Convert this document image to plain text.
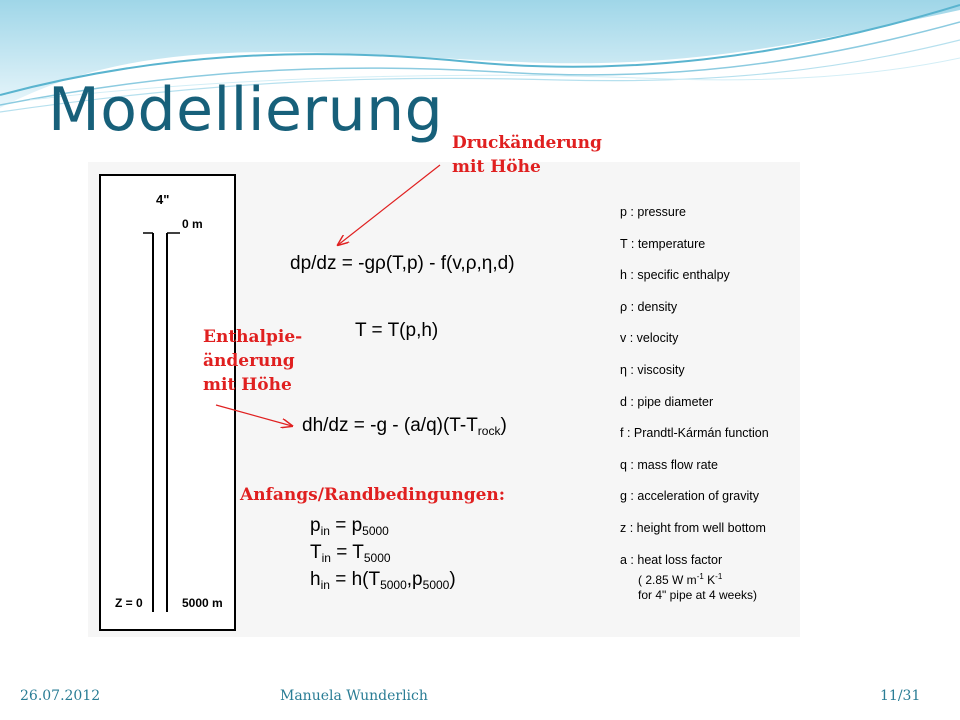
Modellierung
4"
0 m
Z = 0	5000 m
Druckänderung
mit Höhe
Enthalpie-
änderung
mit Höhe
Anfangs/Randbedingungen:
dp/dz = -gρ(T,p) - f(v,ρ,η,d)
T = T(p,h)
$dh/dz = -g - (a/q)(T-T_{rock})$
$p_{in} = p_{5000}$
$T_{in} = T_{5000}$
$h_{in} = h(T_{5000},p_{5000})$
p : pressure
T : temperature
h : specific enthalpy
ρ : density
v : velocity
η : viscosity
d : pipe diameter
f : Prandtl-Kármán function
q : mass flow rate
g : acceleration of gravity
z : height from well bottom
a : heat loss factor
( 2.85 W $m^{-1}$ $K^{-1}$
for 4" pipe at 4 weeks)
26.07.2012	Manuela Wunderlich	11/31
